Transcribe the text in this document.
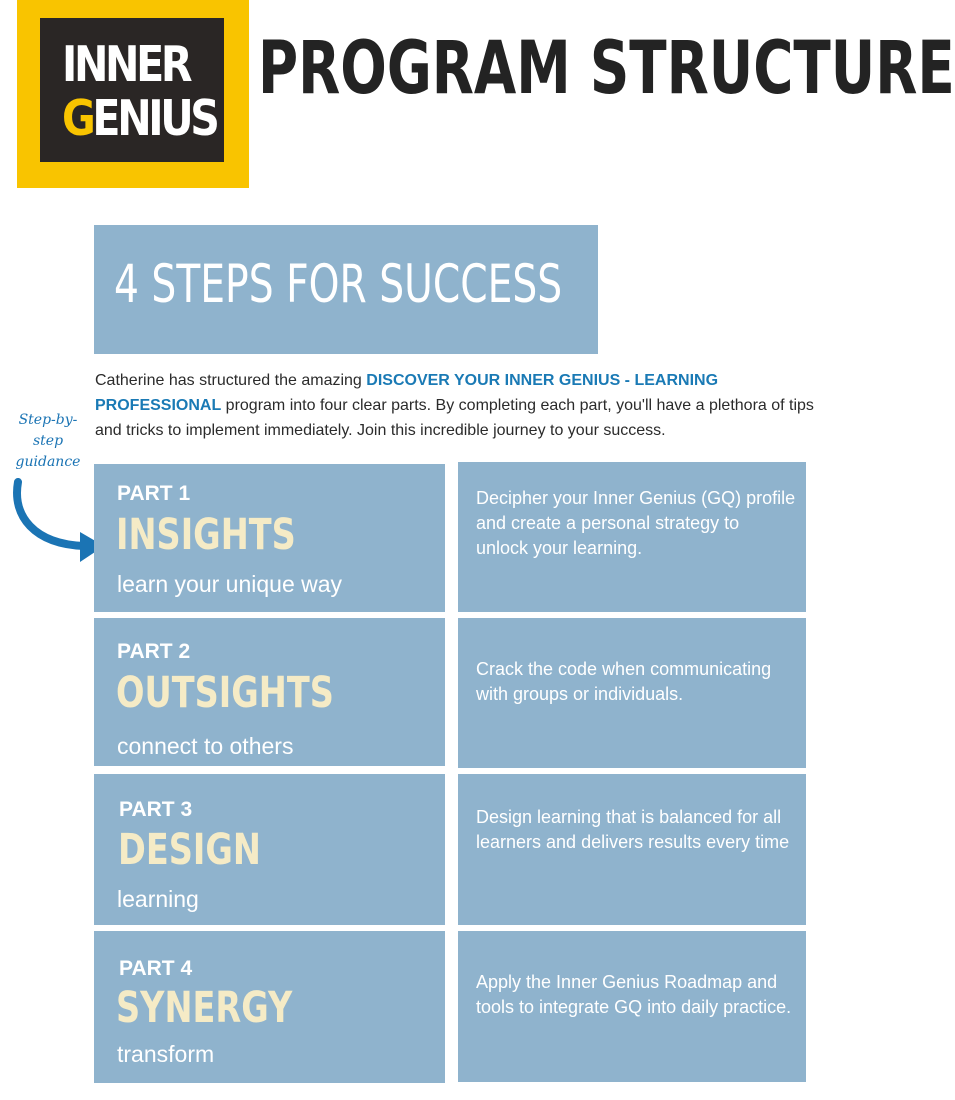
INNER
GENIUS
PROGRAM STRUCTURE
4 STEPS FOR SUCCESS

Catherine has structured the amazing DISCOVER YOUR INNER GENIUS - LEARNING PROFESSIONAL program into four clear parts. By completing each part, you'll have a plethora of tips and tricks to implement immediately. Join this incredible journey to your success.

Step-by-
step
guidance
PART 1
INSIGHTS
learn your unique way
Decipher your Inner Genius (GQ) profile and create a personal strategy to unlock your learning.
PART 2
OUTSIGHTS
connect to others
Crack the code when communicating with groups or individuals.
PART 3
DESIGN
learning
Design learning that is balanced for all learners and delivers results every time
PART 4
SYNERGY
transform
Apply the Inner Genius Roadmap and tools to integrate GQ into daily practice.
